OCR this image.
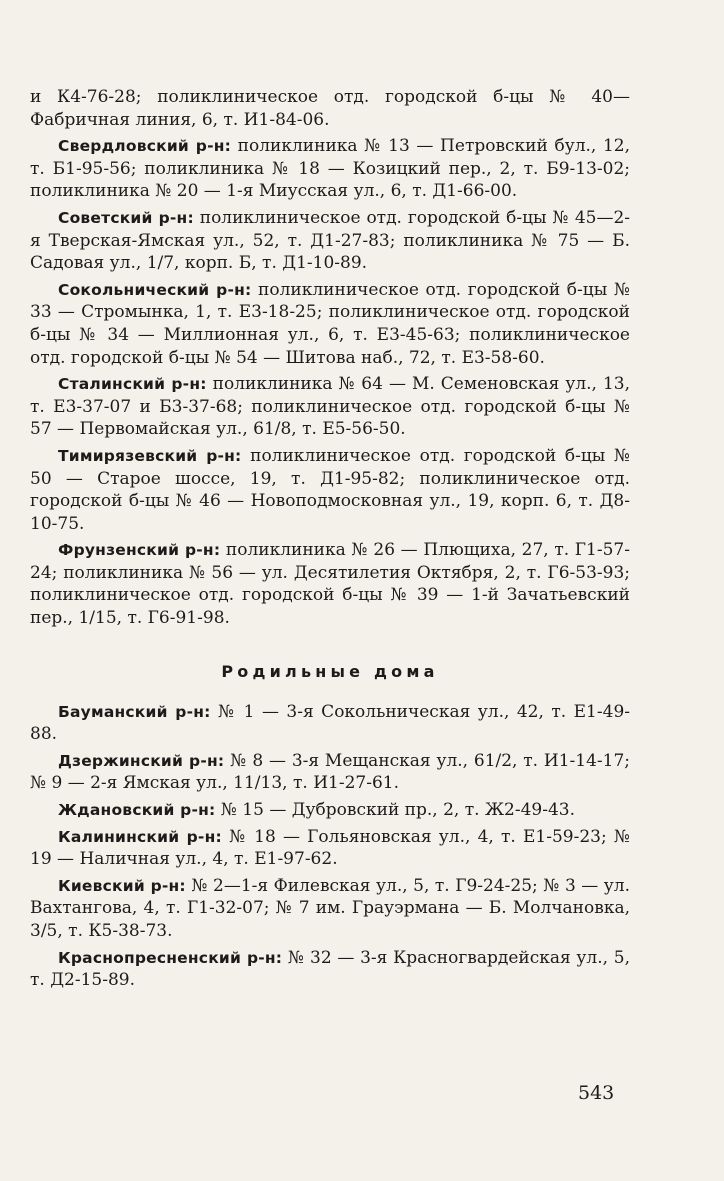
и К4-76-28; поликлиническое отд. городской б-цы № 40—Фабричная линия, 6, т. И1-84-06.

Свердловский р-н: поликлиника № 13 — Петровский бул., 12, т. Б1-95-56; поликлиника № 18 — Козицкий пер., 2, т. Б9-13-02; поликлиника № 20 — 1-я Миусская ул., 6, т. Д1-66-00.

Советский р-н: поликлиническое отд. городской б-цы № 45—2-я Тверская-Ямская ул., 52, т. Д1-27-83; поликлиника № 75 — Б. Садовая ул., 1/7, корп. Б, т. Д1-10-89.

Сокольнический р-н: поликлиническое отд. городской б-цы № 33 — Стромынка, 1, т. Е3-18-25; поликлиническое отд. городской б-цы № 34 — Миллионная ул., 6, т. Е3-45-63; поликлиническое отд. городской б-цы № 54 — Шитова наб., 72, т. Е3-58-60.

Сталинский р-н: поликлиника № 64 — М. Семеновская ул., 13, т. Е3-37-07 и Б3-37-68; поликлиническое отд. городской б-цы № 57 — Первомайская ул., 61/8, т. Е5-56-50.

Тимирязевский р-н: поликлиническое отд. городской б-цы № 50 — Старое шоссе, 19, т. Д1-95-82; поликлиническое отд. городской б-цы № 46 — Новоподмосковная ул., 19, корп. 6, т. Д8-10-75.

Фрунзенский р-н: поликлиника № 26 — Плющиха, 27, т. Г1-57-24; поликлиника № 56 — ул. Десятилетия Октября, 2, т. Г6-53-93; поликлиническое отд. городской б-цы № 39 — 1-й Зачатьевский пер., 1/15, т. Г6-91-98.

Родильные дома

Бауманский р-н: № 1 — 3-я Сокольническая ул., 42, т. Е1-49-88.

Дзержинский р-н: № 8 — 3-я Мещанская ул., 61/2, т. И1-14-17; № 9 — 2-я Ямская ул., 11/13, т. И1-27-61.

Ждановский р-н: № 15 — Дубровский пр., 2, т. Ж2-49-43.

Калининский р-н: № 18 — Гольяновская ул., 4, т. Е1-59-23; № 19 — Наличная ул., 4, т. Е1-97-62.

Киевский р-н: № 2—1-я Филевская ул., 5, т. Г9-24-25; № 3 — ул. Вахтангова, 4, т. Г1-32-07; № 7 им. Грауэрмана — Б. Молчановка, 3/5, т. К5-38-73.

Краснопресненский р-н: № 32 — 3-я Красногвардейская ул., 5, т. Д2-15-89.

543
